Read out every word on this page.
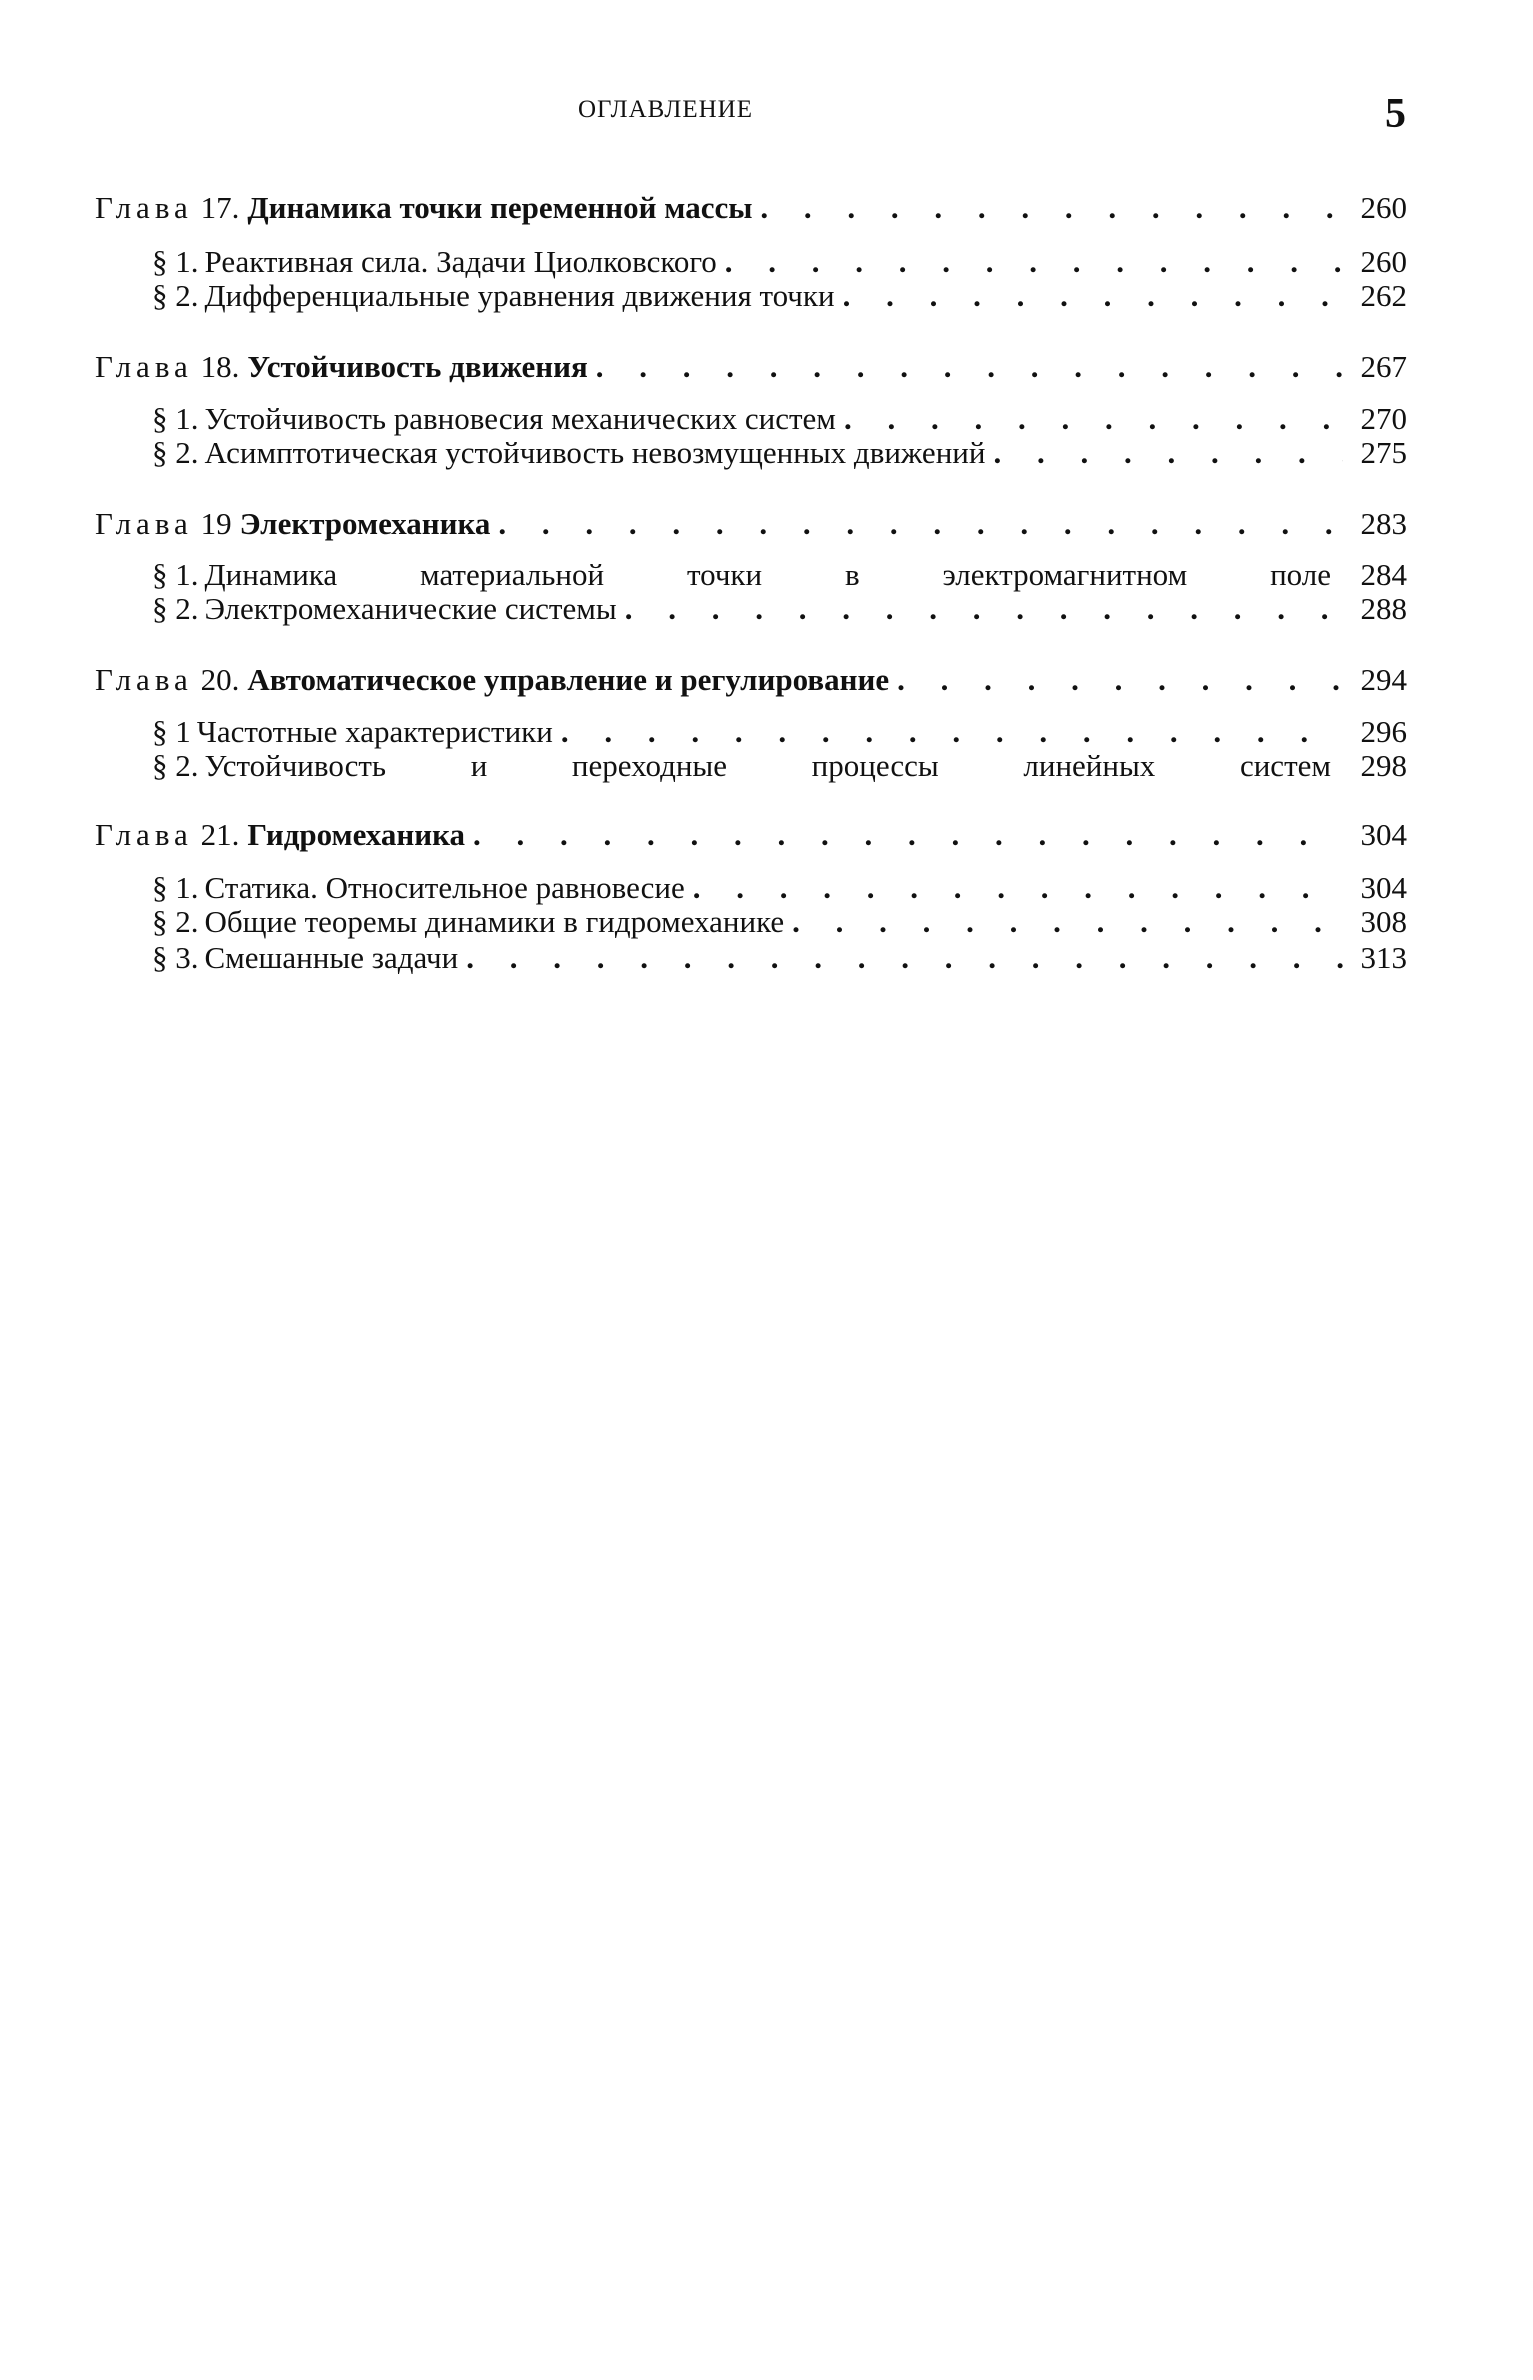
ОГЛАВЛЕНИЕ	5
Глава
17. Динамика точки переменной массы . . .	260
§
1. Реактивная сила. Задачи Циолковского . . .	260
§
2. Дифференциальные уравнения движения точки . . .	262
Глава
18. Устойчивость движения . . .	267
§
1. Устойчивость равновесия механических систем . . .	270
§
2. Асимптотическая устойчивость невозмущенных движений . . .	275
Глава
19 Электромеханика . . .	283
§
1. Динамика материальной точки в электромагнитном поле 284
§
2. Электромеханические системы . . .	288
Глава
20. Автоматическое управление и регулирование . . .	294
§
1 Частотные характеристики . . .	296
§
2. Устойчивость и переходные процессы линейных систем 298
Глава
21. Гидромеханика . . .	304
§
1. Статика. Относительное равновесие . . .	304
§
2. Общие теоремы динамики в гидромеханике . . .	308
§
3. Смешанные задачи . . .	313
